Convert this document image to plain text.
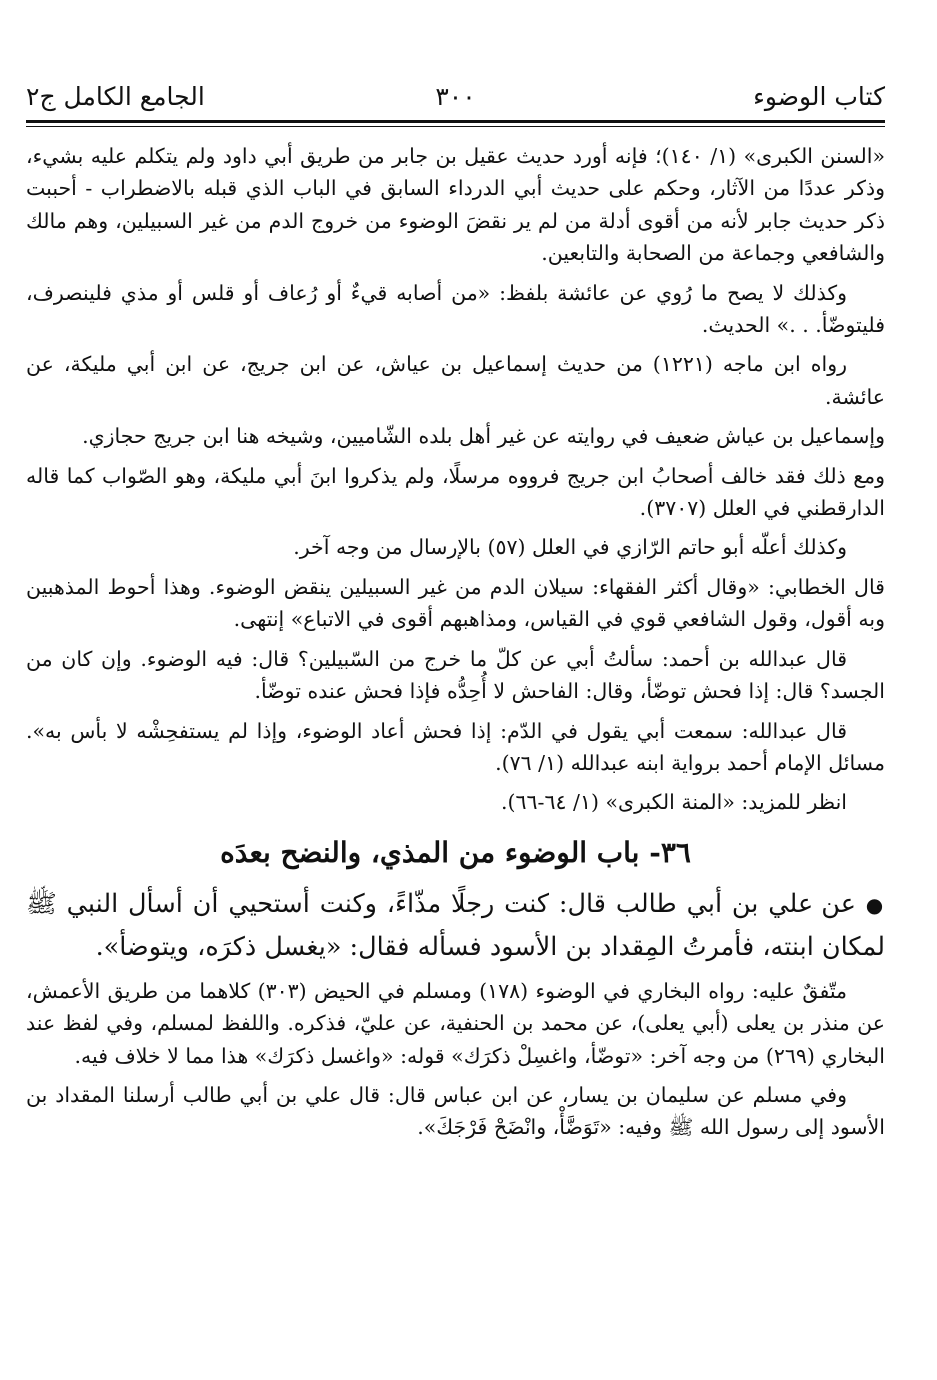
كتاب الوضوء
٣٠٠
الجامع الكامل ج٢

«السنن الكبرى» (١/ ١٤٠)؛ فإنه أورد حديث عقيل بن جابر من طريق أبي داود ولم يتكلم عليه بشيء، وذكر عددًا من الآثار، وحكم على حديث أبي الدرداء السابق في الباب الذي قبله بالاضطراب - أحببت ذكر حديث جابر لأنه من أقوى أدلة من لم ير نقضَ الوضوء من خروج الدم من غير السبيلين، وهم مالك والشافعي وجماعة من الصحابة والتابعين.

وكذلك لا يصح ما رُوي عن عائشة بلفظ: «من أصابه قيءٌ أو رُعاف أو قلس أو مذي فلينصرف، فليتوضّأ. . .» الحديث.

رواه ابن ماجه (١٢٢١) من حديث إسماعيل بن عياش، عن ابن جريج، عن ابن أبي مليكة، عن عائشة.

وإسماعيل بن عياش ضعيف في روايته عن غير أهل بلده الشّاميين، وشيخه هنا ابن جريج حجازي.

ومع ذلك فقد خالف أصحابُ ابن جريج فرووه مرسلًا، ولم يذكروا ابنَ أبي مليكة، وهو الصّواب كما قاله الدارقطني في العلل (٣٧٠٧).

وكذلك أعلّه أبو حاتم الرّازي في العلل (٥٧) بالإرسال من وجه آخر.

قال الخطابي: «وقال أكثر الفقهاء: سيلان الدم من غير السبيلين ينقض الوضوء. وهذا أحوط المذهبين وبه أقول، وقول الشافعي قوي في القياس، ومذاهبهم أقوى في الاتباع» إنتهى.

قال عبدالله بن أحمد: سألتُ أبي عن كلّ ما خرج من السّبيلين؟ قال: فيه الوضوء. وإن كان من الجسد؟ قال: إذا فحش توضّأ، وقال: الفاحش لا أُحِدُّه فإذا فحش عنده توضّأ.

قال عبدالله: سمعت أبي يقول في الدّم: إذا فحش أعاد الوضوء، وإذا لم يستفحِشْه لا بأس به». مسائل الإمام أحمد برواية ابنه عبدالله (١/ ٧٦).

انظر للمزيد: «المنة الكبرى» (١/ ٦٤-٦٦).

٣٦- باب الوضوء من المذي، والنضح بعدَه

● عن علي بن أبي طالب قال: كنت رجلًا مذّاءً، وكنت أستحيي أن أسأل النبي ﷺ لمكان ابنته، فأمرتُ المِقداد بن الأسود فسأله فقال: «يغسل ذكرَه، ويتوضأ».

متّفقٌ عليه: رواه البخاري في الوضوء (١٧٨) ومسلم في الحيض (٣٠٣) كلاهما من طريق الأعمش، عن منذر بن يعلى (أبي يعلى)، عن محمد بن الحنفية، عن عليّ، فذكره. واللفظ لمسلم، وفي لفظ عند البخاري (٢٦٩) من وجه آخر: «توضّأ، واغسِلْ ذكرَك» قوله: «واغسل ذكرَك» هذا مما لا خلاف فيه.

وفي مسلم عن سليمان بن يسار، عن ابن عباس قال: قال علي بن أبي طالب أرسلنا المقداد بن الأسود إلى رسول الله ﷺ وفيه: «تَوَضَّأْ، وانْضَحْ فَرْجَكَ».
